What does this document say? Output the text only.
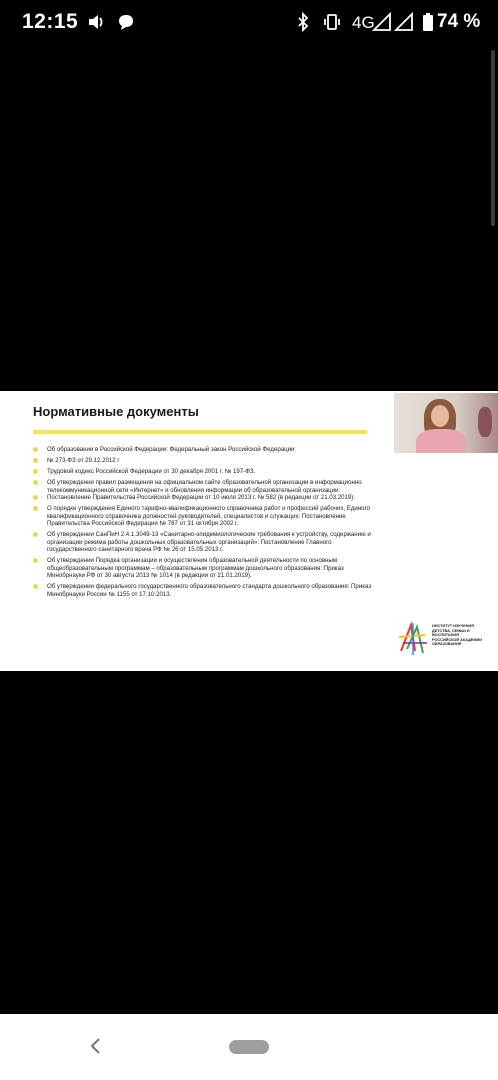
12:15	4G	74 %
Нормативные документы
Об образовании в Российской Федерации: Федеральный закон Российской Федерации
№ 273-ФЗ от 29.12.2012 г
Трудовой кодекс Российской Федерации от 30 декабря 2001 г. № 197-ФЗ.
Об утверждении правил размещения на официальном сайте образовательной организации в информационно телекоммуникационной сети «Интернет» и обновления информации об образовательной организации: Постановление Правительства Российской Федерации от 10 июля 2013 г. № 582 (в редакции от 21.03.2019).
О порядке утверждения Единого тарифно-квалификационного справочника работ и профессий рабочих, Единого квалификационного справочника должностей руководителей, специалистов и служащих: Постановление Правительства Российской Федерации № 787 от 31 октября 2002 г.
Об утверждении СанПиН 2.4.1.3049-13 «Санитарно-эпидемиологические требования к устройству, содержанию и организации режима работы дошкольных образовательных организаций»: Постановление Главного государственного санитарного врача РФ № 26 от 15.05.2013 г.
Об утверждении Порядка организации и осуществления образовательной деятельности по основным общеобразовательным программам – образовательным программам дошкольного образования: Приказ Минобрнауки РФ от 30 августа 2013 № 1014 (в редакции от 21.01.2019).
Об утверждении федерального государственного образовательного стандарта дошкольного образования: Приказ Минобрнауки России № 1155 от 17.10.2013.
ИНСТИТУТ ИЗУЧЕНИЯ ДЕТСТВА, СЕМЬИ И ВОСПИТАНИЯ РОССИЙСКОЙ АКАДЕМИИ ОБРАЗОВАНИЯ
